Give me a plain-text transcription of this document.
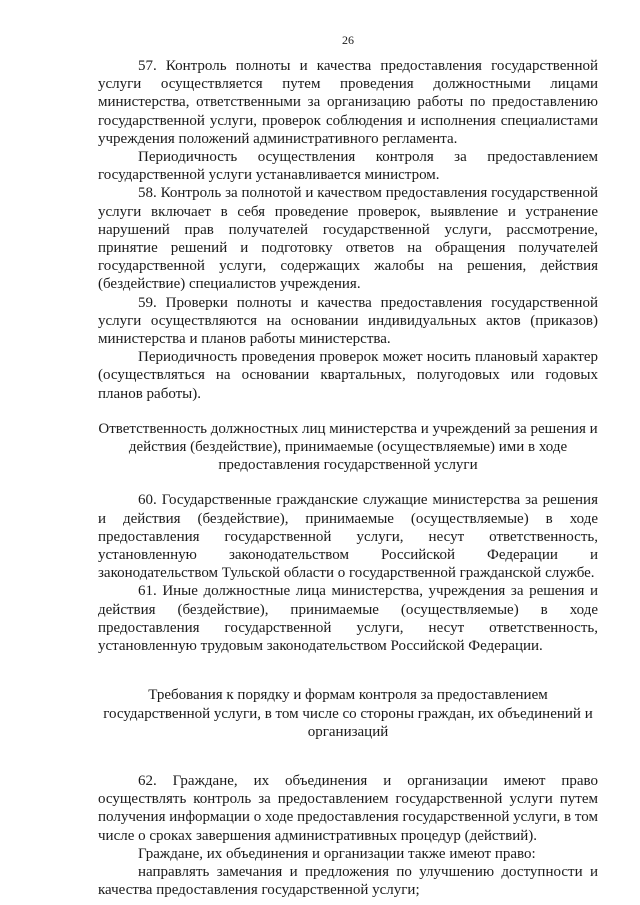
26

57. Контроль полноты и качества предоставления государственной услуги осуществляется путем проведения должностными лицами министерства, ответственными за организацию работы по предоставлению государственной услуги, проверок соблюдения и исполнения специалистами учреждения положений административного регламента.

Периодичность осуществления контроля за предоставлением государственной услуги устанавливается министром.

58. Контроль за полнотой и качеством предоставления государственной услуги включает в себя проведение проверок, выявление и устранение нарушений прав получателей государственной услуги, рассмотрение, принятие решений и подготовку ответов на обращения получателей государственной услуги, содержащих жалобы на решения, действия (бездействие) специалистов учреждения.

59. Проверки полноты и качества предоставления государственной услуги осуществляются на основании индивидуальных актов (приказов) министерства и планов работы министерства.

Периодичность проведения проверок может носить плановый характер (осуществляться на основании квартальных, полугодовых или годовых планов работы).

Ответственность должностных лиц министерства и учреждений за решения и действия (бездействие), принимаемые (осуществляемые) ими в ходе предоставления государственной услуги

60. Государственные гражданские служащие министерства за решения и действия (бездействие), принимаемые (осуществляемые) в ходе предоставления государственной услуги, несут ответственность, установленную законодательством Российской Федерации и законодательством Тульской области о государственной гражданской службе.

61. Иные должностные лица министерства, учреждения за решения и действия (бездействие), принимаемые (осуществляемые) в ходе предоставления государственной услуги, несут ответственность, установленную трудовым законодательством Российской Федерации.

Требования к порядку и формам контроля за предоставлением государственной услуги, в том числе со стороны граждан, их объединений и организаций

62. Граждане, их объединения и организации имеют право осуществлять контроль за предоставлением государственной услуги путем получения информации о ходе предоставления государственной услуги, в том числе о сроках завершения административных процедур (действий).

Граждане, их объединения и организации также имеют право:

направлять замечания и предложения по улучшению доступности и качества предоставления государственной услуги;
